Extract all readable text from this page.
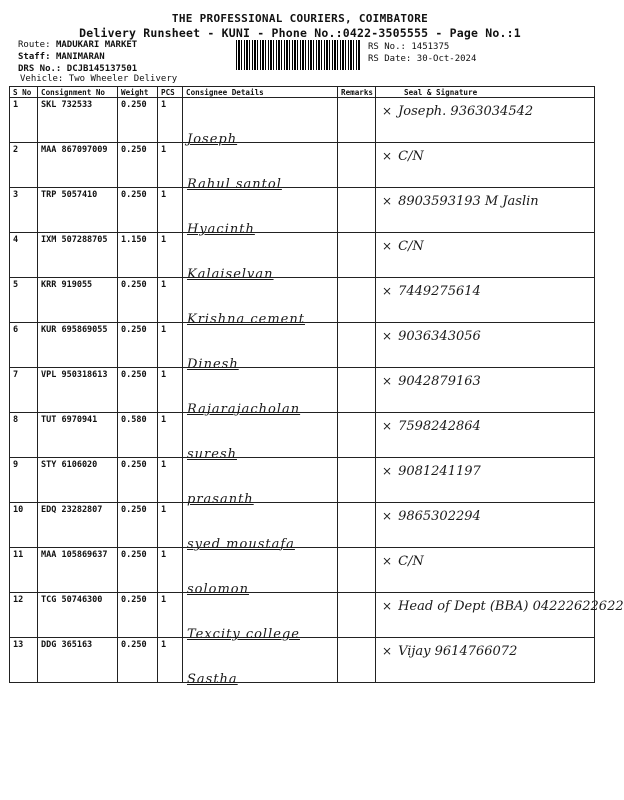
THE PROFESSIONAL COURIERS, COIMBATORE
Delivery Runsheet - KUNI - Phone No.:0422-3505555 - Page No.:1
Route: MADUKARI MARKET
Staff: MANIMARAN
DRS No.: DCJB145137501
Vehicle: Two Wheeler Delivery
RS No.: 1451375
RS Date: 30-Oct-2024
S No	Consignment No	Weight	PCS	Consignee Details	Remarks	Seal & Signature
1	SKL 732533	0.250	1	Joseph		× Joseph. 9363034542

2	MAA 867097009	0.250	1	Rahul santol		× C/N

3	TRP 5057410	0.250	1	Hyacinth		× 8903593193 M Jaslin

4	IXM 507288705	1.150	1	Kalaiselvan		× C/N

5	KRR 919055	0.250	1	Krishna cement		× 7449275614

6	KUR 695869055	0.250	1	Dinesh		× 9036343056

7	VPL 950318613	0.250	1	Rajarajacholan		× 9042879163

8	TUT 6970941	0.580	1	suresh		× 7598242864

9	STY 6106020	0.250	1	prasanth		× 9081241197

10	EDQ 23282807	0.250	1	syed moustafa		× 9865302294

11	MAA 105869637	0.250	1	solomon		× C/N

12	TCG 50746300	0.250	1	Texcity college		× Head of Dept (BBA) 04222622622

13	DDG 365163	0.250	1	Sastha		× Vijay 9614766072
